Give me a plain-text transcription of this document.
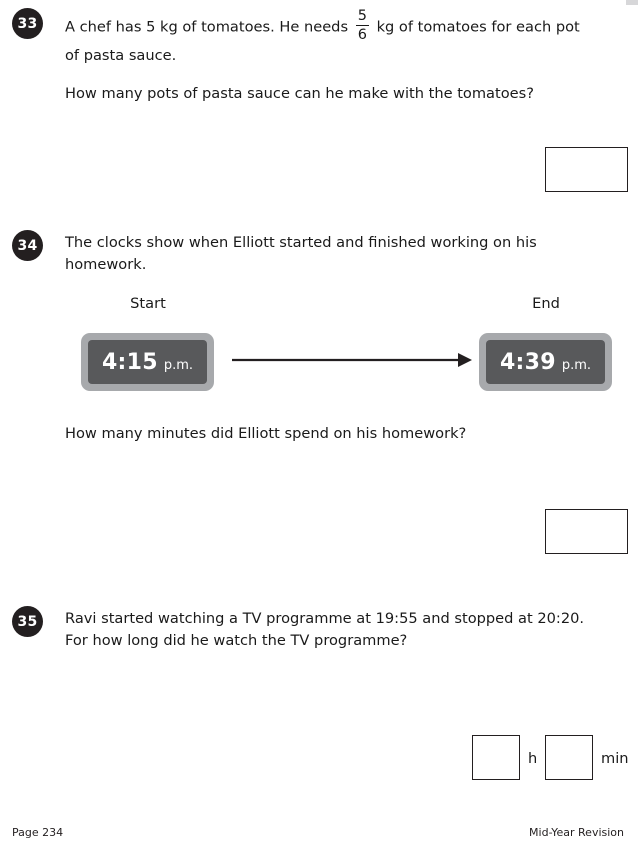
33	A chef has 5 kg of tomatoes. He needs $\frac{5}{6}$ kg of tomatoes for each pot
of pasta sauce.
How many pots of pasta sauce can he make with the tomatoes?
34	The clocks show when Elliott started and finished working on his
homework.
Start	End
4:15 p.m.	4:39 p.m.
How many minutes did Elliott spend on his homework?
35	Ravi started watching a TV programme at 19:55 and stopped at 20:20.
For how long did he watch the TV programme?
h	min
Page 234	Mid-Year Revision
